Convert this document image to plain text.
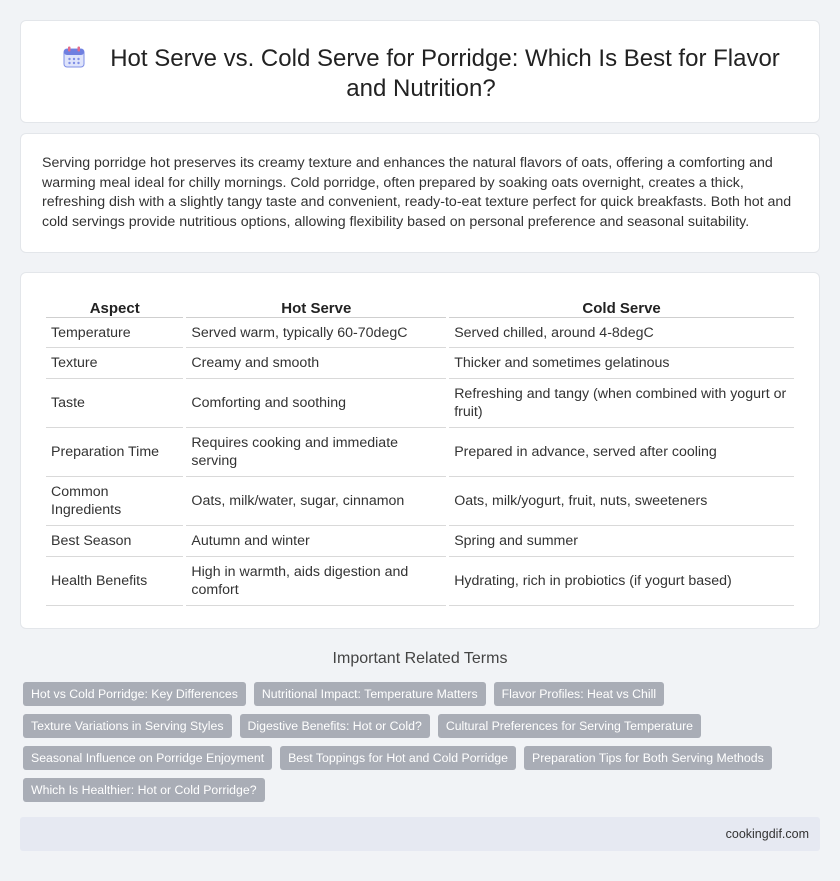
Hot Serve vs. Cold Serve for Porridge: Which Is Best for Flavor and Nutrition?

Serving porridge hot preserves its creamy texture and enhances the natural flavors of oats, offering a comforting and warming meal ideal for chilly mornings. Cold porridge, often prepared by soaking oats overnight, creates a thick, refreshing dish with a slightly tangy taste and convenient, ready-to-eat texture perfect for quick breakfasts. Both hot and cold servings provide nutritious options, allowing flexibility based on personal preference and seasonal suitability.

Aspect	Hot Serve	Cold Serve
Temperature	Served warm, typically 60-70degC	Served chilled, around 4-8degC
Texture	Creamy and smooth	Thicker and sometimes gelatinous
Taste	Comforting and soothing	Refreshing and tangy (when combined with yogurt or fruit)
Preparation Time	Requires cooking and immediate serving	Prepared in advance, served after cooling
Common Ingredients	Oats, milk/water, sugar, cinnamon	Oats, milk/yogurt, fruit, nuts, sweeteners
Best Season	Autumn and winter	Spring and summer
Health Benefits	High in warmth, aids digestion and comfort	Hydrating, rich in probiotics (if yogurt based)
Important Related Terms
Hot vs Cold Porridge: Key Differences	Nutritional Impact: Temperature Matters	Flavor Profiles: Heat vs Chill
Texture Variations in Serving Styles	Digestive Benefits: Hot or Cold?	Cultural Preferences for Serving Temperature
Seasonal Influence on Porridge Enjoyment	Best Toppings for Hot and Cold Porridge	Preparation Tips for Both Serving Methods
Which Is Healthier: Hot or Cold Porridge?
cookingdif.com
